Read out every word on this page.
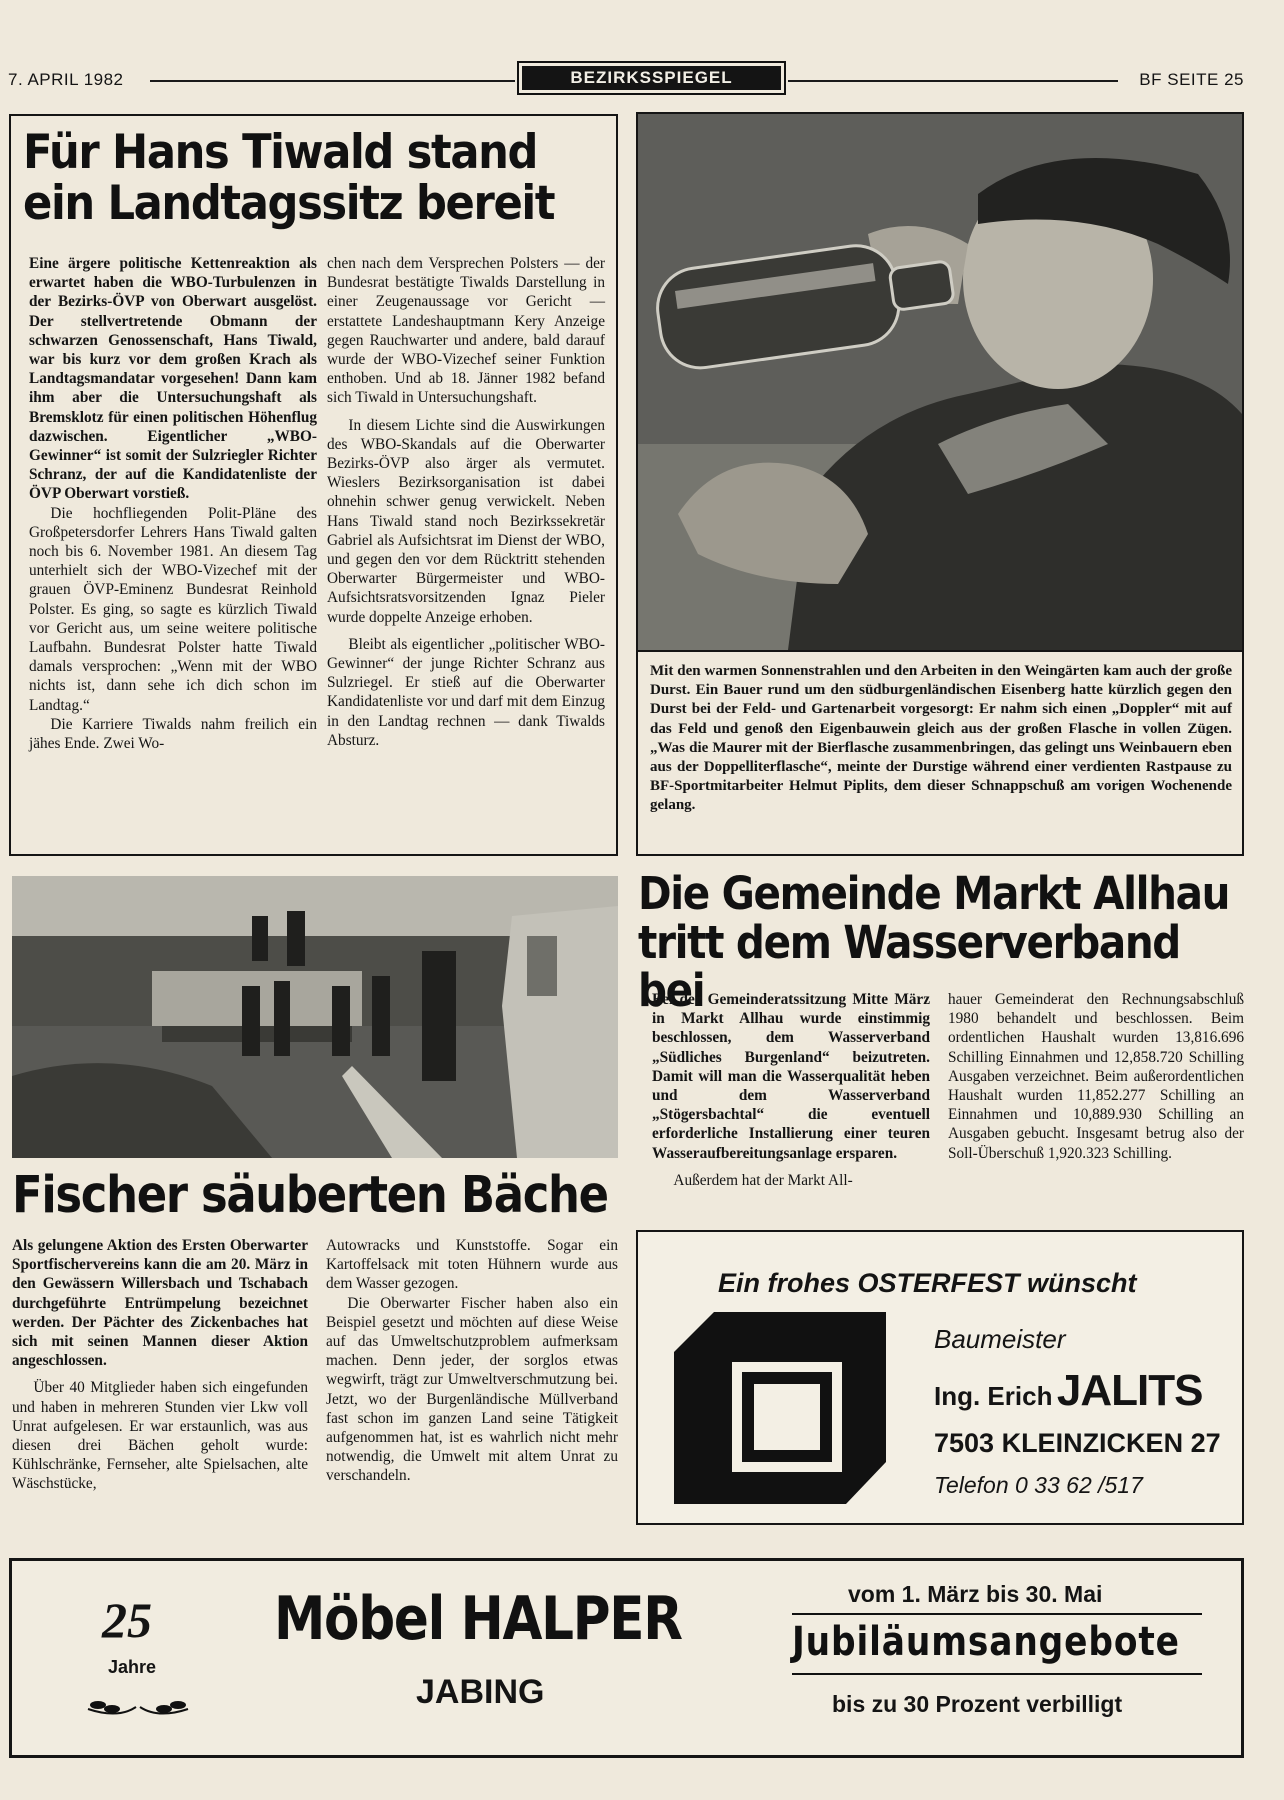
7. APRIL 1982	BEZIRKSSPIEGEL	BF SEITE 25
Für Hans Tiwald stand
ein Landtagssitz bereit

Eine ärgere politische Kettenreaktion als erwartet haben die WBO-Turbulenzen in der Bezirks-ÖVP von Oberwart ausgelöst. Der stellvertretende Obmann der schwarzen Genossenschaft, Hans Tiwald, war bis kurz vor dem großen Krach als Landtagsmandatar vorgesehen! Dann kam ihm aber die Untersuchungshaft als Bremsklotz für einen politischen Höhenflug dazwischen. Eigentlicher „WBO-Gewinner“ ist somit der Sulzriegler Richter Schranz, der auf die Kandidatenliste der ÖVP Oberwart vorstieß.

Die hochfliegenden Polit-Pläne des Großpetersdorfer Lehrers Hans Tiwald galten noch bis 6. November 1981. An diesem Tag unterhielt sich der WBO-Vizechef mit der grauen ÖVP-Eminenz Bundesrat Reinhold Polster. Es ging, so sagte es kürzlich Tiwald vor Gericht aus, um seine weitere politische Laufbahn. Bundesrat Polster hatte Tiwald damals versprochen: „Wenn mit der WBO nichts ist, dann sehe ich dich schon im Landtag.“

Die Karriere Tiwalds nahm freilich ein jähes Ende. Zwei Wo-

chen nach dem Versprechen Polsters — der Bundesrat bestätigte Tiwalds Darstellung in einer Zeugenaussage vor Gericht — erstattete Landeshauptmann Kery Anzeige gegen Rauchwarter und andere, bald darauf wurde der WBO-Vizechef seiner Funktion enthoben. Und ab 18. Jänner 1982 befand sich Tiwald in Untersuchungshaft.

In diesem Lichte sind die Auswirkungen des WBO-Skandals auf die Oberwarter Bezirks-ÖVP also ärger als vermutet. Wieslers Bezirksorganisation ist dabei ohnehin schwer genug verwickelt. Neben Hans Tiwald stand noch Bezirkssekretär Gabriel als Aufsichtsrat im Dienst der WBO, und gegen den vor dem Rücktritt stehenden Oberwarter Bürgermeister und WBO-Aufsichtsratsvorsitzenden Ignaz Pieler wurde doppelte Anzeige erhoben.

Bleibt als eigentlicher „politischer WBO-Gewinner“ der junge Richter Schranz aus Sulzriegel. Er stieß auf die Oberwarter Kandidatenliste vor und darf mit dem Einzug in den Landtag rechnen — dank Tiwalds Absturz.

Mit den warmen Sonnenstrahlen und den Arbeiten in den Weingärten kam auch der große Durst. Ein Bauer rund um den südburgenländischen Eisenberg hatte kürzlich gegen den Durst bei der Feld- und Gartenarbeit vorgesorgt: Er nahm sich einen „Doppler“ mit auf das Feld und genoß den Eigenbauwein gleich aus der großen Flasche in vollen Zügen. „Was die Maurer mit der Bierflasche zusammenbringen, das gelingt uns Weinbauern eben aus der Doppelliterflasche“, meinte der Durstige während einer verdienten Rastpause zu BF-Sportmitarbeiter Helmut Piplits, dem dieser Schnappschuß am vorigen Wochenende gelang.
Die Gemeinde Markt Allhau
tritt dem Wasserverband bei

Bei der Gemeinderatssitzung Mitte März in Markt Allhau wurde einstimmig beschlossen, dem Wasserverband „Südliches Burgenland“ beizutreten. Damit will man die Wasserqualität heben und dem Wasserverband „Stögersbachtal“ die eventuell erforderliche Installierung einer teuren Wasseraufbereitungsanlage ersparen.

Außerdem hat der Markt All-

hauer Gemeinderat den Rechnungsabschluß 1980 behandelt und beschlossen. Beim ordentlichen Haushalt wurden 13,816.696 Schilling Einnahmen und 12,858.720 Schilling Ausgaben verzeichnet. Beim außerordentlichen Haushalt wurden 11,852.277 Schilling an Einnahmen und 10,889.930 Schilling an Ausgaben gebucht. Insgesamt betrug also der Soll-Überschuß 1,920.323 Schilling.

Fischer säuberten Bäche

Als gelungene Aktion des Ersten Oberwarter Sportfischervereins kann die am 20. März in den Gewässern Willersbach und Tschabach durchgeführte Entrümpelung bezeichnet werden. Der Pächter des Zickenbaches hat sich mit seinen Mannen dieser Aktion angeschlossen.

Über 40 Mitglieder haben sich eingefunden und haben in mehreren Stunden vier Lkw voll Unrat aufgelesen. Er war erstaunlich, was aus diesen drei Bächen geholt wurde: Kühlschränke, Fernseher, alte Spielsachen, alte Wäschstücke,

Autowracks und Kunststoffe. Sogar ein Kartoffelsack mit toten Hühnern wurde aus dem Wasser gezogen.

Die Oberwarter Fischer haben also ein Beispiel gesetzt und möchten auf diese Weise auf das Umweltschutzproblem aufmerksam machen. Denn jeder, der sorglos etwas wegwirft, trägt zur Umweltverschmutzung bei. Jetzt, wo der Burgenländische Müllverband fast schon im ganzen Land seine Tätigkeit aufgenommen hat, ist es wahrlich nicht mehr notwendig, die Umwelt mit altem Unrat zu verschandeln.

Ein frohes OSTERFEST wünscht
Baumeister
Ing. Erich JALITS
7503 KLEINZICKEN 27
Telefon 0 33 62 /517
25
Jahre
Möbel HALPER
JABING
vom 1. März bis 30. Mai
Jubiläumsangebote
bis zu 30 Prozent verbilligt
